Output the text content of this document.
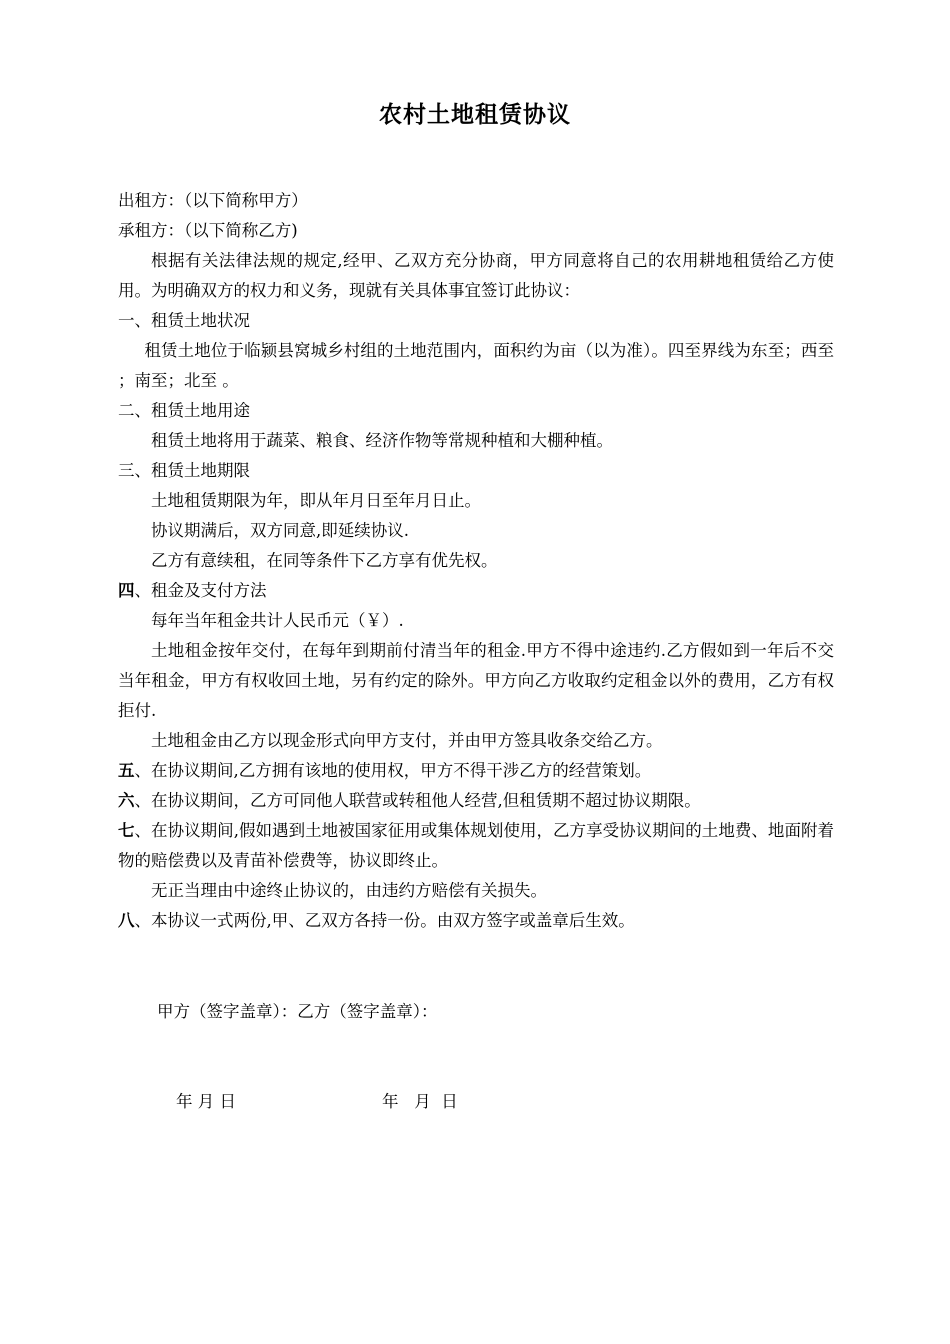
农村土地租赁协议

出租方：（以下简称甲方）

承租方：（以下简称乙方)

根据有关法律法规的规定,经甲、乙双方充分协商，甲方同意将自己的农用耕地租赁给乙方使用。为明确双方的权力和义务，现就有关具体事宜签订此协议：

一、租赁土地状况

租赁土地位于临颍县窝城乡村组的土地范围内，面积约为亩（以为准）。四至界线为东至；西至 ；南至；北至 。

二、租赁土地用途

租赁土地将用于蔬菜、粮食、经济作物等常规种植和大棚种植。

三、租赁土地期限

土地租赁期限为年，即从年月日至年月日止。

协议期满后，双方同意,即延续协议.

乙方有意续租，在同等条件下乙方享有优先权。

四、租金及支付方法

每年当年租金共计人民币元（￥）.

土地租金按年交付，在每年到期前付清当年的租金.甲方不得中途违约.乙方假如到一年后不交当年租金，甲方有权收回土地，另有约定的除外。甲方向乙方收取约定租金以外的费用，乙方有权拒付.

土地租金由乙方以现金形式向甲方支付，并由甲方签具收条交给乙方。

五、在协议期间,乙方拥有该地的使用权，甲方不得干涉乙方的经营策划。

六、在协议期间，乙方可同他人联营或转租他人经营,但租赁期不超过协议期限。

七、在协议期间,假如遇到土地被国家征用或集体规划使用，乙方享受协议期间的土地费、地面附着物的赔偿费以及青苗补偿费等，协议即终止。

无正当理由中途终止协议的，由违约方赔偿有关损失。

八、本协议一式两份,甲、乙双方各持一份。由双方签字或盖章后生效。

甲方（签字盖章）：乙方（签字盖章）：
年 月 日	年   月  日
